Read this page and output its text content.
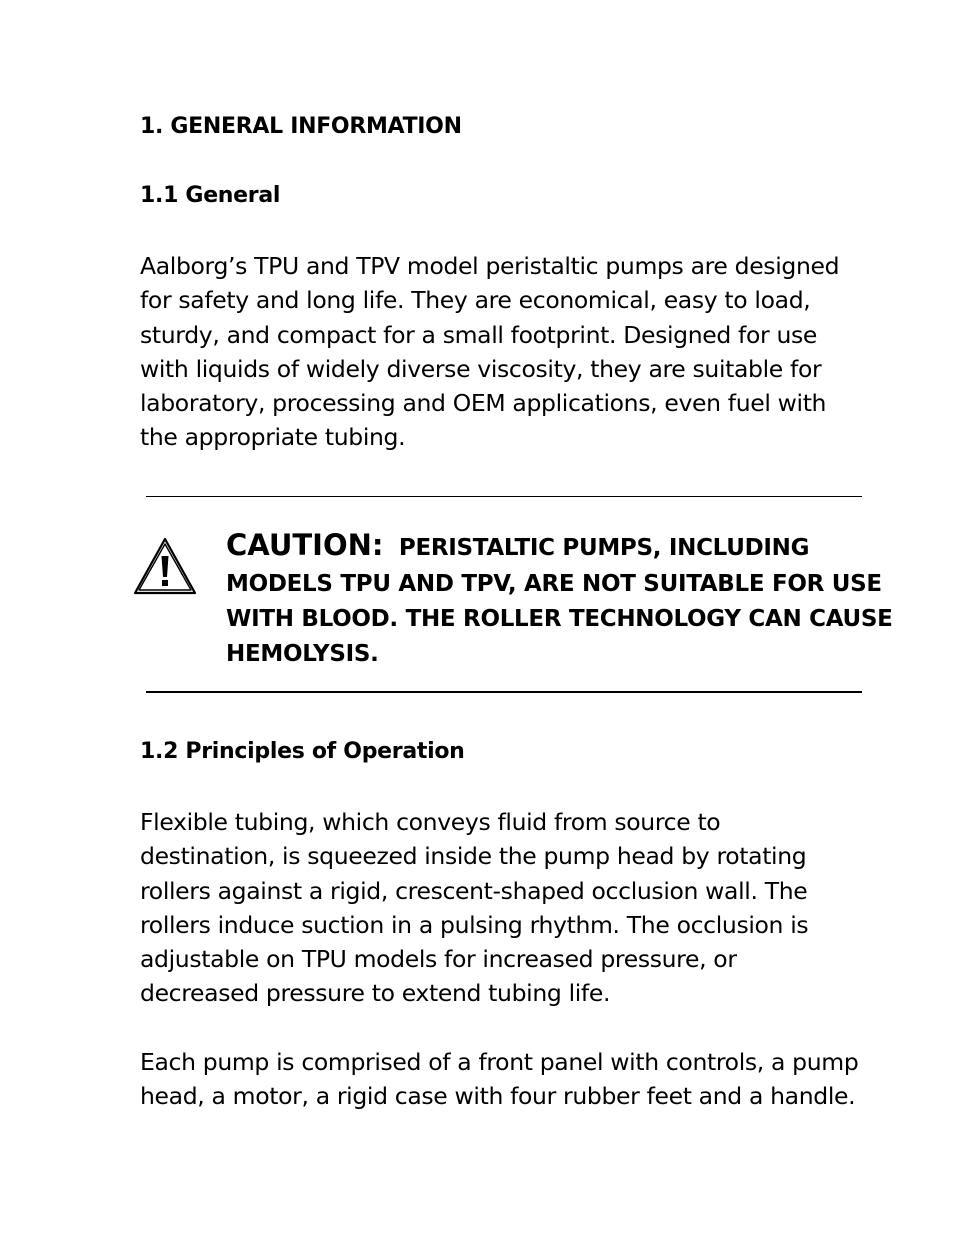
1. GENERAL INFORMATION
1.1 General
Aalborg’s TPU and TPV model peristaltic pumps are designed
for safety and long life. They are economical, easy to load,
sturdy, and compact for a small footprint. Designed for use
with liquids of widely diverse viscosity, they are suitable for
laboratory, processing and OEM applications, even fuel with
the appropriate tubing.
CAUTION: PERISTALTIC PUMPS, INCLUDING
MODELS TPU AND TPV, ARE NOT SUITABLE FOR USE
WITH BLOOD. THE ROLLER TECHNOLOGY CAN CAUSE
HEMOLYSIS.
1.2 Principles of Operation
Flexible tubing, which conveys fluid from source to
destination, is squeezed inside the pump head by rotating
rollers against a rigid, crescent-shaped occlusion wall. The
rollers induce suction in a pulsing rhythm. The occlusion is
adjustable on TPU models for increased pressure, or
decreased pressure to extend tubing life.
Each pump is comprised of a front panel with controls, a pump
head, a motor, a rigid case with four rubber feet and a handle.
